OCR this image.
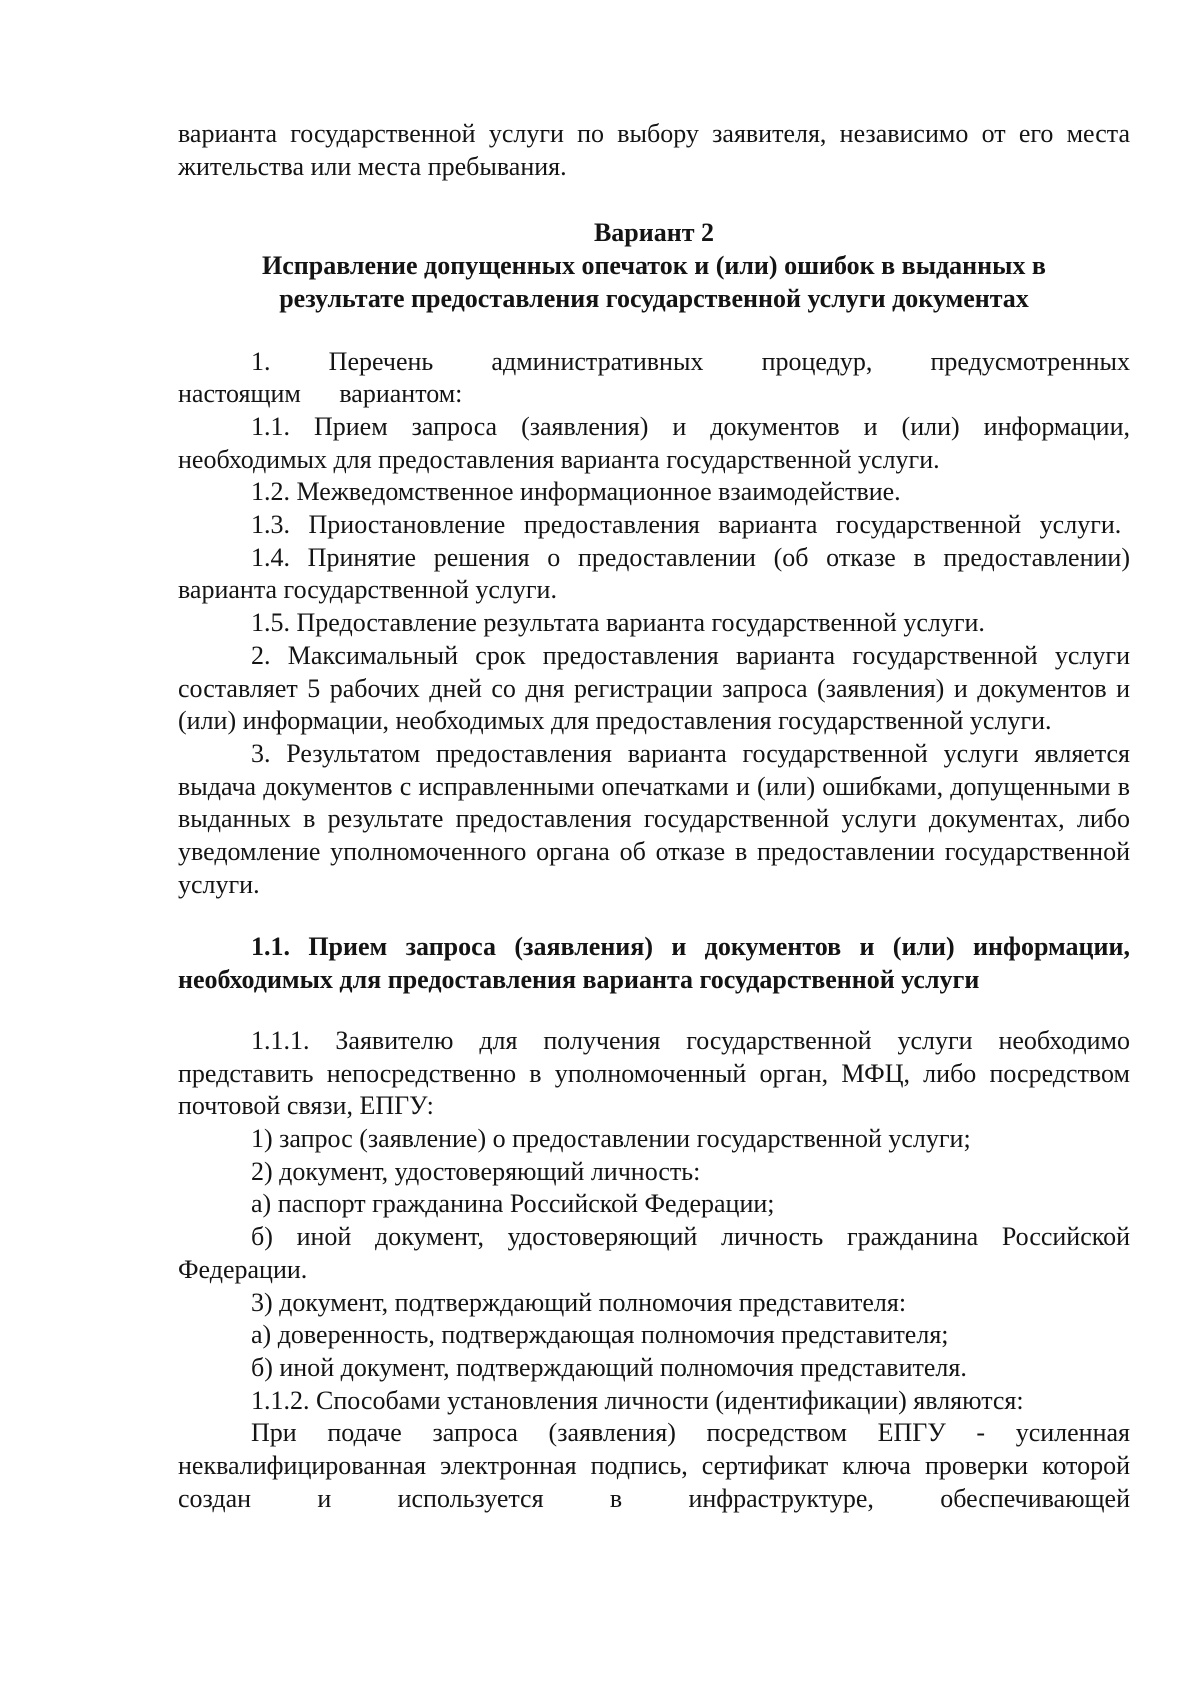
варианта государственной услуги по выбору заявителя, независимо от его места жительства или места пребывания.

Вариант 2

Исправление допущенных опечаток и (или) ошибок в выданных в результате предоставления государственной услуги документах

1. Перечень административных процедур, предусмотренных настоящим вариантом:

1.1. Прием запроса (заявления) и документов и (или) информации, необходимых для предоставления варианта государственной услуги.

1.2. Межведомственное информационное взаимодействие.

1.3. Приостановление предоставления варианта государственной услуги.

1.4. Принятие решения о предоставлении (об отказе в предоставлении) варианта государственной услуги.

1.5. Предоставление результата варианта государственной услуги.

2. Максимальный срок предоставления варианта государственной услуги составляет 5 рабочих дней со дня регистрации запроса (заявления) и документов и (или) информации, необходимых для предоставления государственной услуги.

3. Результатом предоставления варианта государственной услуги является выдача документов с исправленными опечатками и (или) ошибками, допущенными в выданных в результате предоставления государственной услуги документах, либо уведомление уполномоченного органа об отказе в предоставлении государственной услуги.

1.1. Прием запроса (заявления) и документов и (или) информации, необходимых для предоставления варианта государственной услуги

1.1.1. Заявителю для получения государственной услуги необходимо представить непосредственно в уполномоченный орган, МФЦ, либо посредством почтовой связи, ЕПГУ:

1) запрос (заявление) о предоставлении государственной услуги;

2) документ, удостоверяющий личность:

а) паспорт гражданина Российской Федерации;

б) иной документ, удостоверяющий личность гражданина Российской Федерации.

3) документ, подтверждающий полномочия представителя:

а) доверенность, подтверждающая полномочия представителя;

б) иной документ, подтверждающий полномочия представителя.

1.1.2. Способами установления личности (идентификации) являются:

При подаче запроса (заявления) посредством ЕПГУ - усиленная неквалифицированная электронная подпись, сертификат ключа проверки которой создан и используется в инфраструктуре, обеспечивающей
